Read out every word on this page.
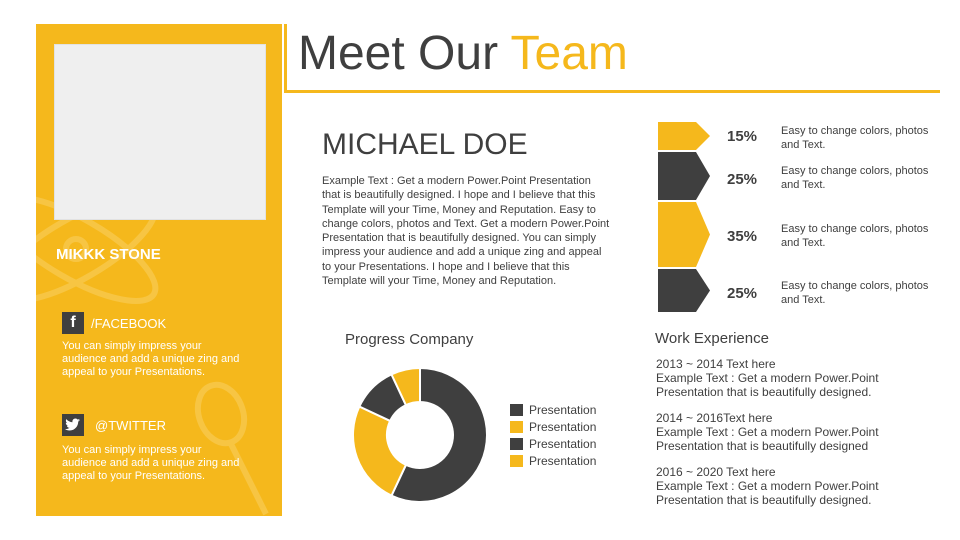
MIKKK STONE
f	/FACEBOOK
You can simply impress your audience and add a unique zing and appeal to your Presentations.
@TWITTER
You can simply impress your audience and add a unique zing and appeal to your Presentations.
Meet Our Team
MICHAEL DOE
Example Text : Get a modern Power.Point Presentation that is beautifully designed. I hope and I believe that this Template will your Time, Money and Reputation. Easy to change colors, photos and Text. Get a modern Power.Point Presentation that is beautifully designed. You can simply impress your audience and add a unique zing and appeal to your Presentations. I hope and I believe that this Template will your Time, Money and Reputation.
15% Easy to change colors, photos and Text.
25% Easy to change colors, photos and Text.
35% Easy to change colors, photos and Text.
25% Easy to change colors, photos and Text.
Progress Company
Presentation
Presentation
Presentation
Presentation
Work Experience
2013 ~ 2014 Text here
Example Text : Get a modern Power.Point Presentation that is beautifully designed.
2014 ~ 2016Text here
Example Text : Get a modern Power.Point Presentation that is beautifully designed
2016 ~ 2020 Text here
Example Text : Get a modern Power.Point Presentation that is beautifully designed.
